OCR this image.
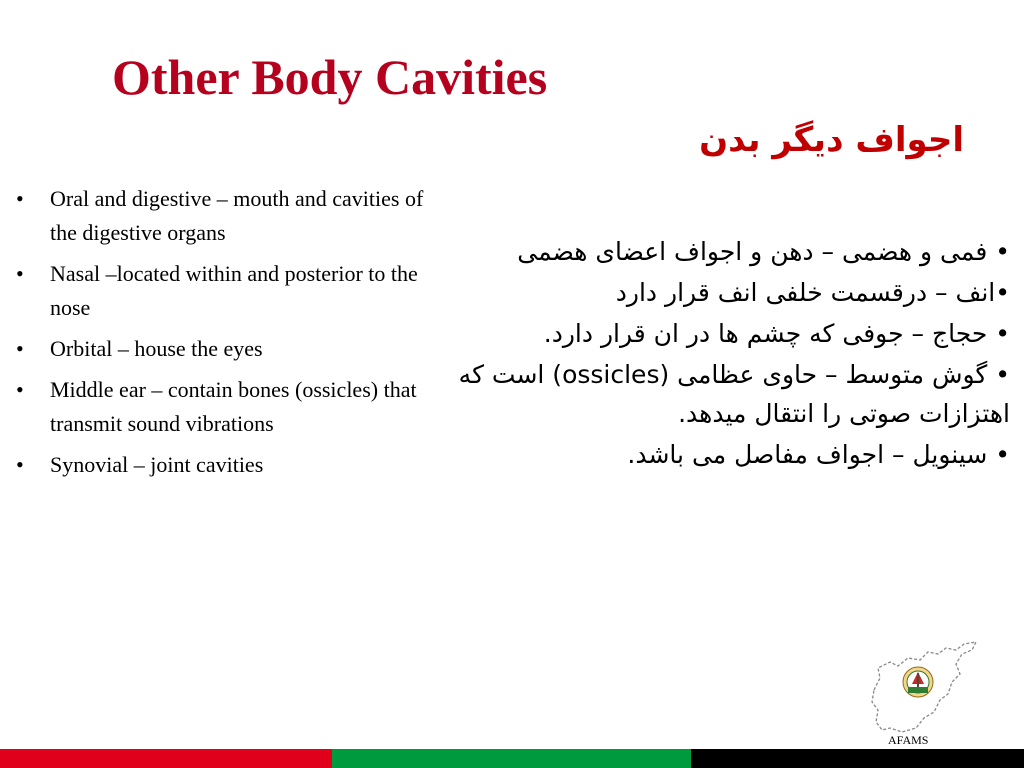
Other Body Cavities
اجواف دیگر بدن
• Oral and digestive – mouth and cavities of the digestive organs
• Nasal –located within and posterior to the nose
• Orbital – house the eyes
• Middle ear – contain bones (ossicles) that transmit sound vibrations
• Synovial – joint cavities
• فمی و هضمی – دهن و اجواف اعضای هضمی
•انف – درقسمت خلفی انف قرار دارد
• حجاج – جوفی که چشم ها در ان قرار دارد.
• گوش متوسط – حاوی عظامی (ossicles) است که اهتزازات صوتی را انتقال میدهد.
• سینویل – اجواف مفاصل می باشد.
AFAMS
